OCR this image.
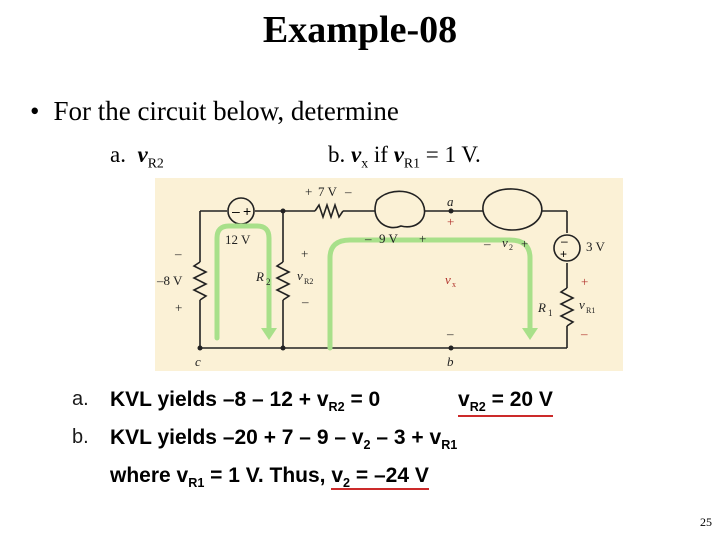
Example-08
• For the circuit below, determine
a. $v_{R2}$	b. $v_x$ if $v_{R1} = 1$ V.
– +
–
+
+ 7 V –
12 V
–
–8 V
+
R 2
+
v R2
–
– 9 V +
a
+
–
b
c
v x
– v 2 +	3 V
+
R 1
v R1
–
a. KVL yields $-8 - 12 + v_{R2} = 0$	$v_{R2} = 20$ V
b. KVL yields $-20 + 7 - 9 - v_2 - 3 + v_{R1}$
where $v_{R1} = 1$ V. Thus, $v_2 = -24$ V
25
